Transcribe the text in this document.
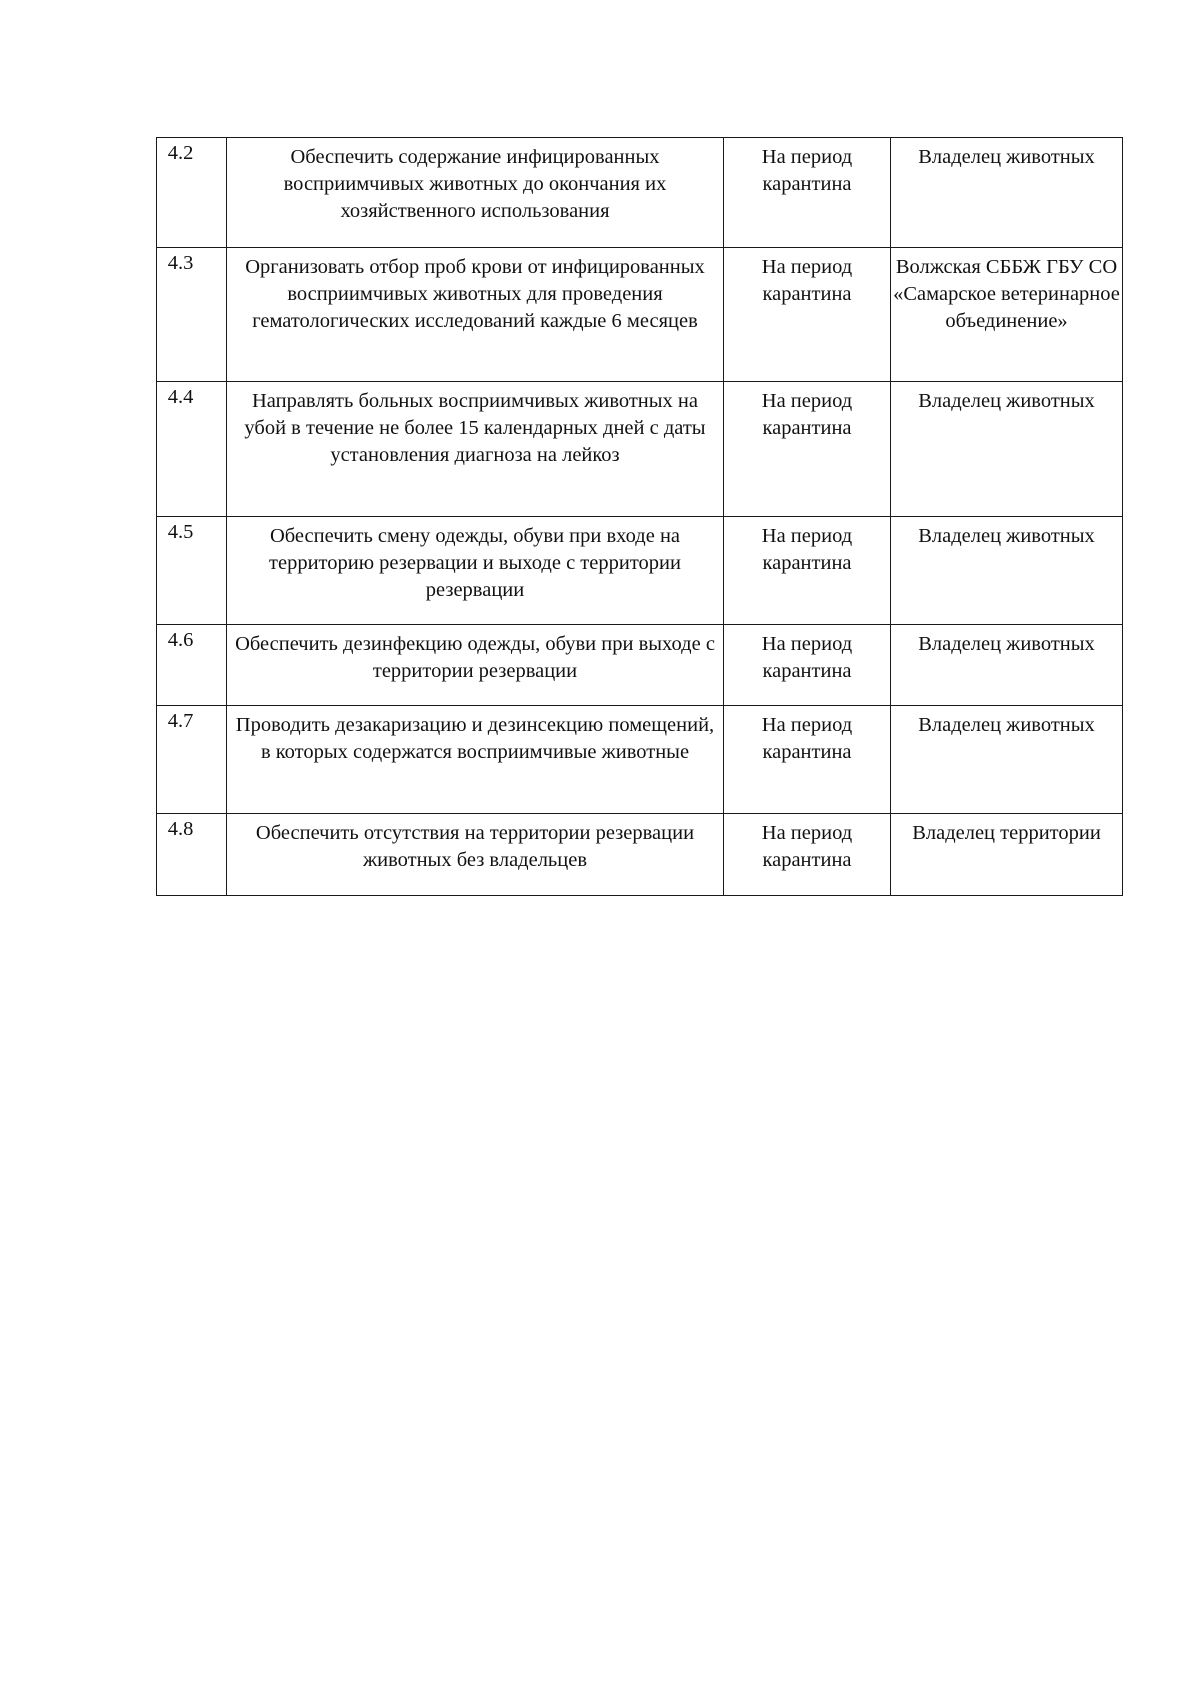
4.2	Обеспечить содержание инфицированных восприимчивых животных до окончания их хозяйственного использования	На период карантина	Владелец животных

4.3	Организовать отбор проб крови от инфицированных восприимчивых животных для проведения гематологических исследований каждые 6 месяцев	На период карантина	Волжская СББЖ ГБУ СО «Самарское ветеринарное объединение»

4.4	Направлять больных восприимчивых животных на убой в течение не более 15 календарных дней с даты установления диагноза на лейкоз	На период карантина	Владелец животных

4.5	Обеспечить смену одежды, обуви при входе на территорию резервации и выходе с территории резервации	На период карантина	Владелец животных

4.6	Обеспечить дезинфекцию одежды, обуви при выходе с территории резервации	На период карантина	Владелец животных

4.7	Проводить дезакаризацию и дезинсекцию помещений, в которых содержатся восприимчивые животные	На период карантина	Владелец животных

4.8	Обеспечить отсутствия на территории резервации животных без владельцев	На период карантина	Владелец территории
